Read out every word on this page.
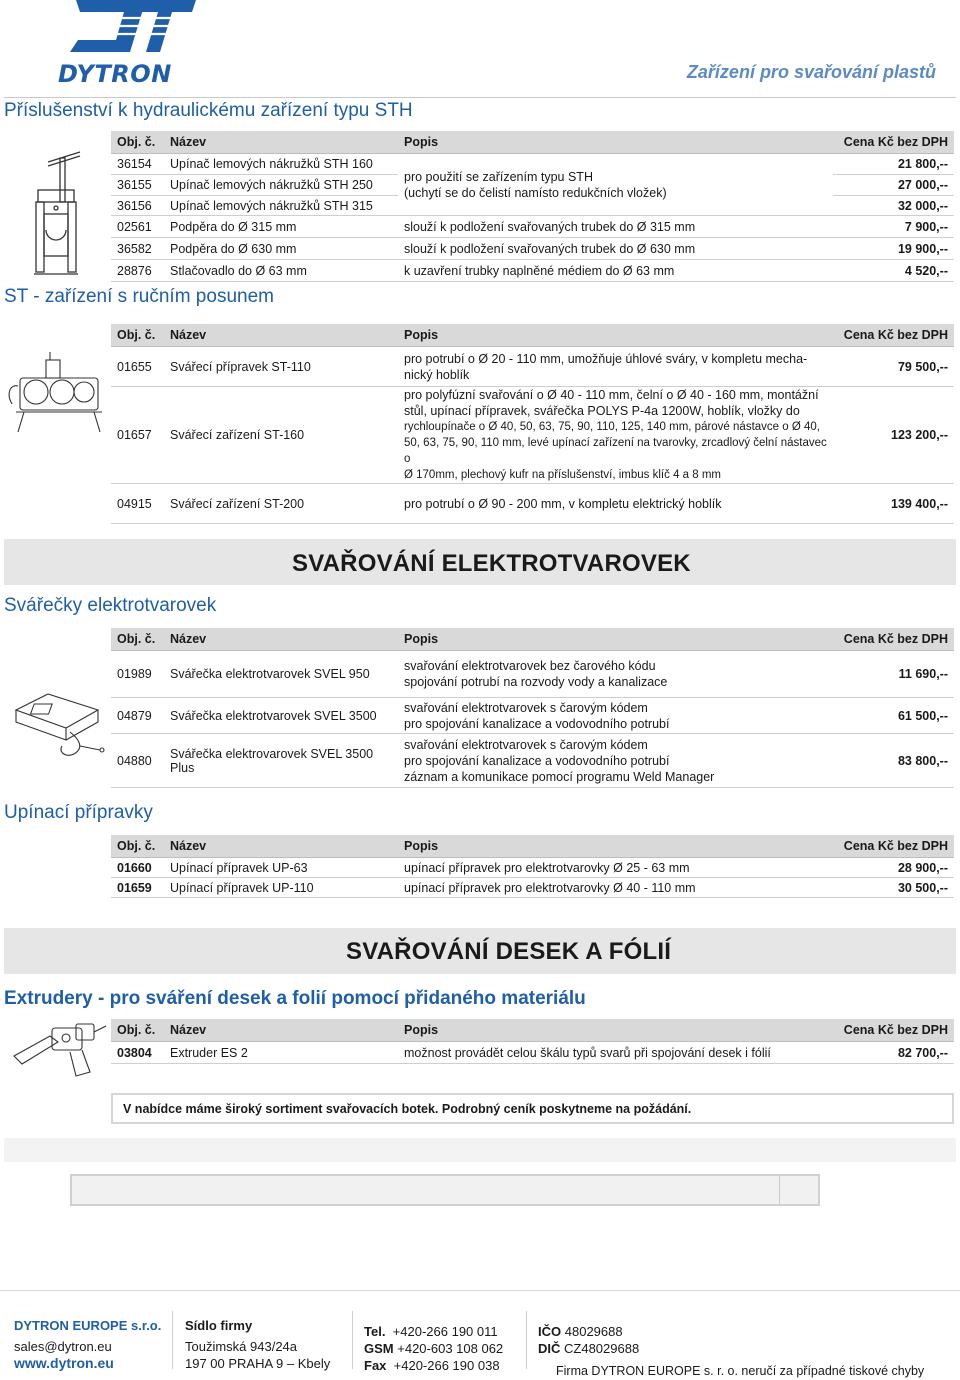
DYTRON	Zařízení pro svařování plastů
Příslušenství k hydraulickému zařízení typu STH
Obj. č.	Název	Popis	Cena Kč bez DPH
36154	Upínač lemových nákružků STH 160	pro použití se zařízením typu STH
(uchytí se do čelistí namísto redukčních vložek)	21 800,--
36155	Upínač lemových nákružků STH 250		27 000,--
36156	Upínač lemových nákružků STH 315		32 000,--
02561	Podpěra do Ø 315 mm	slouží k podložení svařovaných trubek do Ø 315 mm	7 900,--
36582	Podpěra do Ø 630 mm	slouží k podložení svařovaných trubek do Ø 630 mm	19 900,--
28876	Stlačovadlo do Ø 63 mm	k uzavření trubky naplněné médiem do Ø 63 mm	4 520,--
ST - zařízení s ručním posunem
Obj. č.	Název	Popis	Cena Kč bez DPH
01655	Svářecí přípravek ST-110	pro potrubí o Ø 20 - 110 mm, umožňuje úhlové sváry, v kompletu mecha-
nický hoblík	79 500,--
01657	Svářecí zařízení ST-160	pro polyfúzní svařování o Ø 40 - 110 mm, čelní o Ø 40 - 160 mm, montážní
stůl, upínací přípravek, svářečka POLYS P-4a 1200W, hoblík, vložky do
rychloupínače o Ø 40, 50, 63, 75, 90, 110, 125, 140 mm, párové nástavce o Ø 40,
50, 63, 75, 90, 110 mm, levé upínací zařízení na tvarovky, zrcadlový čelní nástavec o
Ø 170mm, plechový kufr na příslušenství, imbus klíč 4 a 8 mm	123 200,--
04915	Svářecí zařízení ST-200	pro potrubí o Ø 90 - 200 mm, v kompletu elektrický hoblík	139 400,--
SVAŘOVÁNÍ ELEKTROTVAROVEK
Svářečky elektrotvarovek
Obj. č.	Název	Popis	Cena Kč bez DPH
01989	Svářečka elektrotvarovek SVEL 950	svařování elektrotvarovek bez čarového kódu
spojování potrubí na rozvody vody a kanalizace	11 690,--
04879	Svářečka elektrotvarovek SVEL 3500	svařování elektrotvarovek s čarovým kódem
pro spojování kanalizace a vodovodního potrubí	61 500,--
04880	Svářečka elektrovarovek SVEL 3500 Plus	svařování elektrotvarovek s čarovým kódem
pro spojování kanalizace a vodovodního potrubí
záznam a komunikace pomocí programu Weld Manager	83 800,--
Upínací přípravky
Obj. č.	Název	Popis	Cena Kč bez DPH
01660	Upínací přípravek UP-63	upínací přípravek pro elektrotvarovky Ø 25 - 63 mm	28 900,--
01659	Upínací přípravek UP-110	upínací přípravek pro elektrotvarovky Ø 40 - 110 mm	30 500,--
SVAŘOVÁNÍ DESEK A FÓLIÍ
Extrudery - pro sváření desek a folií pomocí přidaného materiálu
Obj. č.	Název	Popis	Cena Kč bez DPH
03804	Extruder ES 2	možnost provádět celou škálu typů svarů při spojování desek i fólií	82 700,--
V nabídce máme široký sortiment svařovacích botek. Podrobný ceník poskytneme na požádání.
DYTRON EUROPE s.r.o.
sales@dytron.eu
www.dytron.eu
Sídlo firmy
Toužimská 943/24a
197 00 PRAHA 9 – Kbely
Tel. +420-266 190 011
GSM +420-603 108 062
Fax +420-266 190 038
IČO 48029688
DIČ CZ48029688
Firma DYTRON EUROPE s. r. o. neručí za případné tiskové chyby
